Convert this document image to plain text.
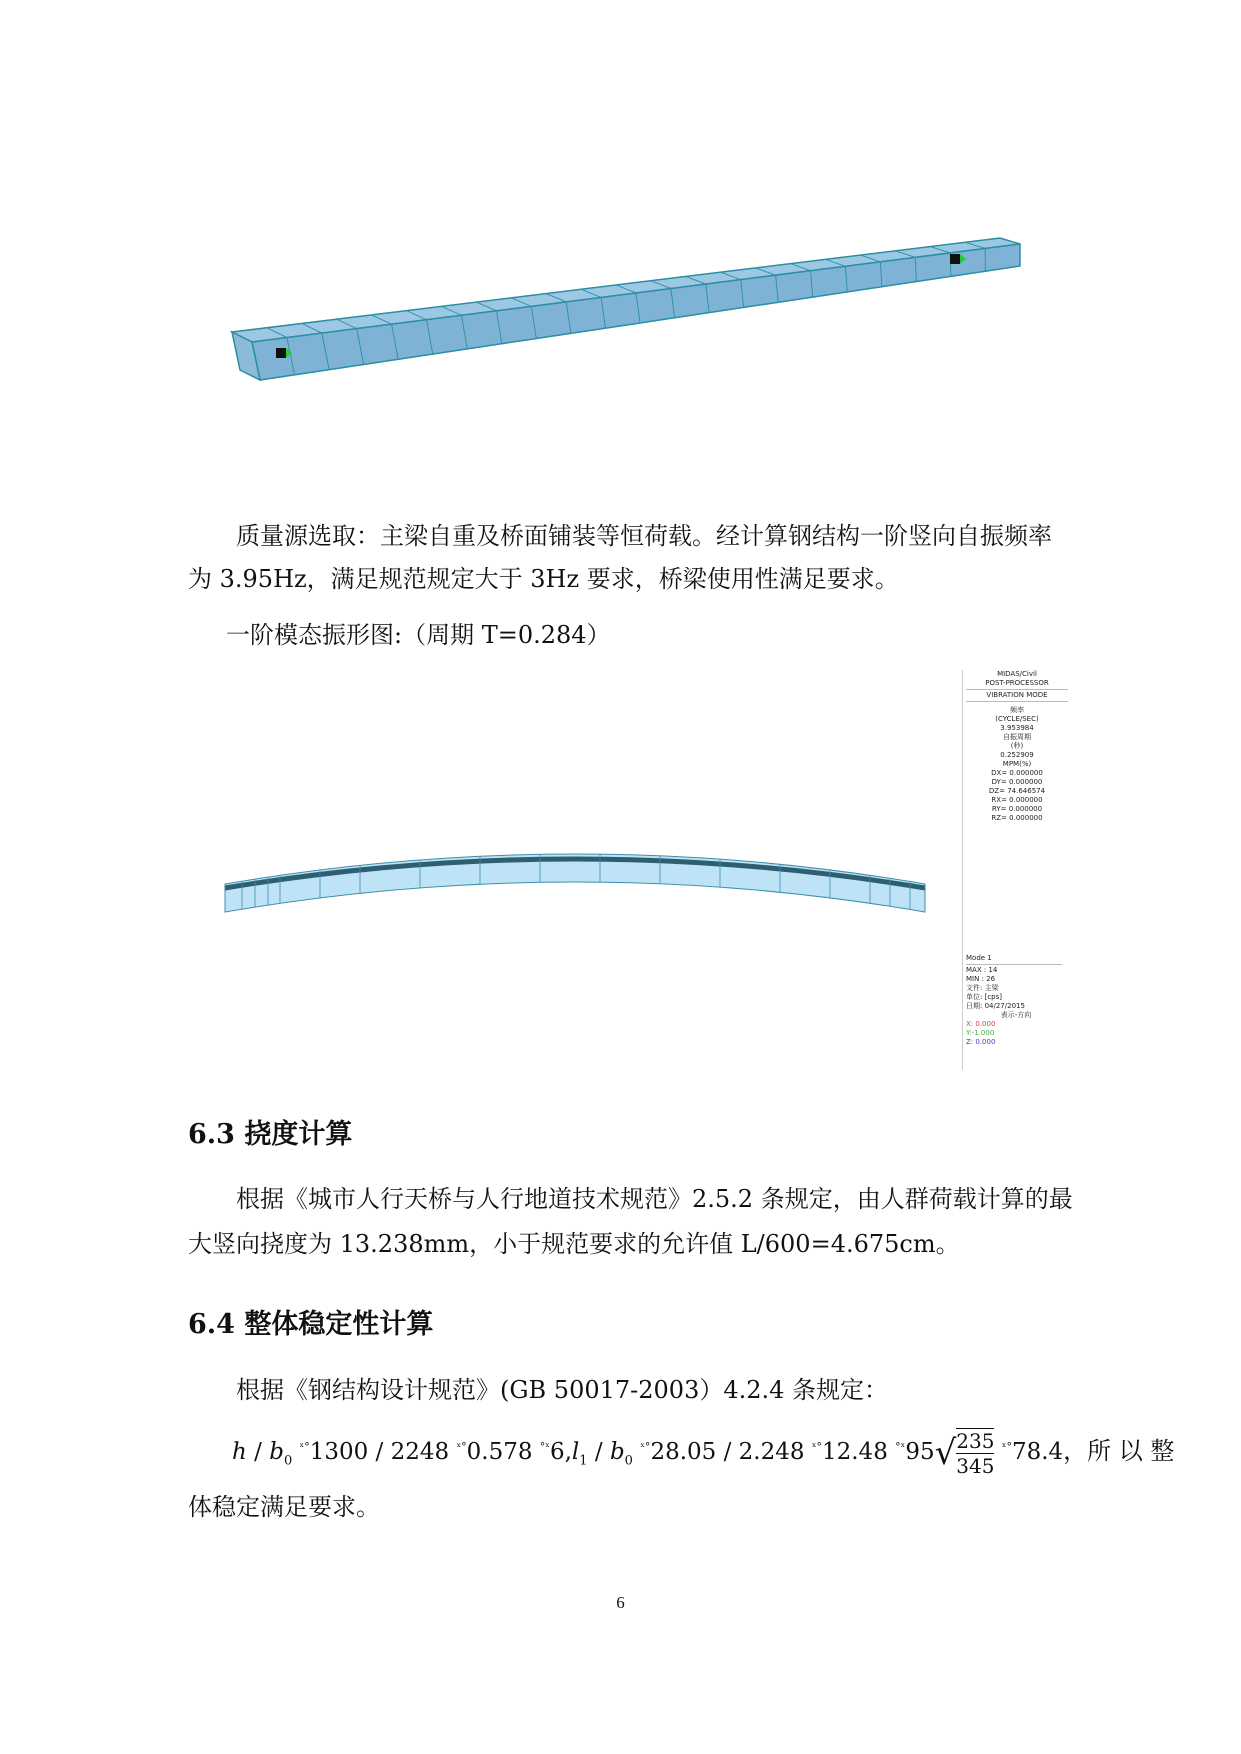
质量源选取：主梁自重及桥面铺装等恒荷载。经计算钢结构一阶竖向自振频率
为 3.95Hz，满足规范规定大于 3Hz 要求，桥梁使用性满足要求。
一阶模态振形图:（周期 T=0.284）
MIDAS/Civil
POST-PROCESSOR
VIBRATION MODE
频率
(CYCLE/SEC)
3.953984
自振周期
(秒)
0.252909
MPM(%)
DX= 0.000000
DY= 0.000000
DZ= 74.646574
RX= 0.000000
RY= 0.000000
RZ= 0.000000
Mode 1
MAX : 14
MIN : 26
文件: 主梁
单位: [cps]
日期: 04/27/2015
表示-方向
X: 0.000
Y:-1.000
Z: 0.000
6.3 挠度计算
根据《城市人行天桥与人行地道技术规范》2.5.2 条规定，由人群荷载计算的最
大竖向挠度为 13.238mm，小于规范要求的允许值 L/600=4.675cm。
6.4 整体稳定性计算
根据《钢结构设计规范》(GB 50017-2003）4.2.4 条规定：
h / $b_0$ $^{ˣ^\circ}$1300 / 2248 $^{ˣ^\circ}$0.578 $^{^\circ ˣ}6,l_1 / b_0$ $^{ˣ^\circ}$28.05 / 2.248 $^{ˣ^\circ}$12.48 $^{^\circ ˣ}95√ \frac{235}{345} ^{ˣ^\circ}78.4$，所 以 整
体稳定满足要求。
6
